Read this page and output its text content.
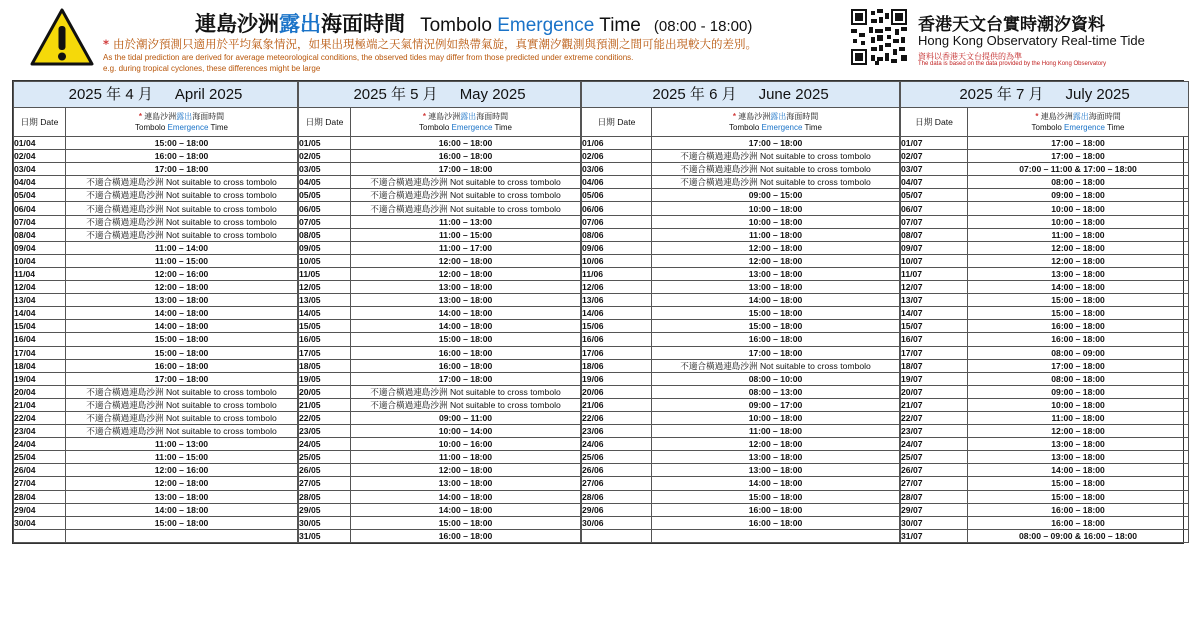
連島沙洲露出海面時間 Tombolo Emergence Time (08:00 - 18:00)
* 由於潮汐預測只適用於平均氣象情況，如果出現極端之天氣情況例如熱帶氣旋，真實潮汐觀測與預測之間可能出現較大的差別。
As the tidal prediction are derived for average meteorological conditions, the observed tides may differ from those predicted under extreme conditions.
e.g. during tropical cyclones, these differences might be large
香港天文台實時潮汐資料
Hong Kong Observatory Real-time Tide
資料以香港天文台提供的為準
The data is based on the data provided by the Hong Kong Observatory
2025 年 4 月 April 2025	
日期 Date	* 連島沙洲露出海面時間
Tombolo Emergence Time

01/04	15:00 – 18:00
02/04	16:00 – 18:00
03/04	17:00 – 18:00
04/04	不適合橫過連島沙洲 Not suitable to cross tombolo
05/04	不適合橫過連島沙洲 Not suitable to cross tombolo
06/04	不適合橫過連島沙洲 Not suitable to cross tombolo
07/04	不適合橫過連島沙洲 Not suitable to cross tombolo
08/04	不適合橫過連島沙洲 Not suitable to cross tombolo
09/04	11:00 – 14:00
10/04	11:00 – 15:00
11/04	12:00 – 16:00
12/04	12:00 – 18:00
13/04	13:00 – 18:00
14/04	14:00 – 18:00
15/04	14:00 – 18:00
16/04	15:00 – 18:00
17/04	15:00 – 18:00
18/04	16:00 – 18:00
19/04	17:00 – 18:00
20/04	不適合橫過連島沙洲 Not suitable to cross tombolo
21/04	不適合橫過連島沙洲 Not suitable to cross tombolo
22/04	不適合橫過連島沙洲 Not suitable to cross tombolo
23/04	不適合橫過連島沙洲 Not suitable to cross tombolo
24/04	11:00 – 13:00
25/04	11:00 – 15:00
26/04	12:00 – 16:00
27/04	12:00 – 18:00
28/04	13:00 – 18:00
29/04	14:00 – 18:00
30/04	15:00 – 18:00

2025 年 5 月 May 2025	
日期 Date	* 連島沙洲露出海面時間
Tombolo Emergence Time

01/05	16:00 – 18:00
02/05	16:00 – 18:00
03/05	17:00 – 18:00
04/05	不適合橫過連島沙洲 Not suitable to cross tombolo
05/05	不適合橫過連島沙洲 Not suitable to cross tombolo
06/05	不適合橫過連島沙洲 Not suitable to cross tombolo
07/05	11:00 – 13:00
08/05	11:00 – 15:00
09/05	11:00 – 17:00
10/05	12:00 – 18:00
11/05	12:00 – 18:00
12/05	13:00 – 18:00
13/05	13:00 – 18:00
14/05	14:00 – 18:00
15/05	14:00 – 18:00
16/05	15:00 – 18:00
17/05	16:00 – 18:00
18/05	16:00 – 18:00
19/05	17:00 – 18:00
20/05	不適合橫過連島沙洲 Not suitable to cross tombolo
21/05	不適合橫過連島沙洲 Not suitable to cross tombolo
22/05	09:00 – 11:00
23/05	10:00 – 14:00
24/05	10:00 – 16:00
25/05	11:00 – 18:00
26/05	12:00 – 18:00
27/05	13:00 – 18:00
28/05	14:00 – 18:00
29/05	14:00 – 18:00
30/05	15:00 – 18:00
31/05	16:00 – 18:00
2025 年 6 月 June 2025	
日期 Date	* 連島沙洲露出海面時間
Tombolo Emergence Time

01/06	17:00 – 18:00
02/06	不適合橫過連島沙洲 Not suitable to cross tombolo
03/06	不適合橫過連島沙洲 Not suitable to cross tombolo
04/06	不適合橫過連島沙洲 Not suitable to cross tombolo
05/06	09:00 – 15:00
06/06	10:00 – 18:00
07/06	10:00 – 18:00
08/06	11:00 – 18:00
09/06	12:00 – 18:00
10/06	12:00 – 18:00
11/06	13:00 – 18:00
12/06	13:00 – 18:00
13/06	14:00 – 18:00
14/06	15:00 – 18:00
15/06	15:00 – 18:00
16/06	16:00 – 18:00
17/06	17:00 – 18:00
18/06	不適合橫過連島沙洲 Not suitable to cross tombolo
19/06	08:00 – 10:00
20/06	08:00 – 13:00
21/06	09:00 – 17:00
22/06	10:00 – 18:00
23/06	11:00 – 18:00
24/06	12:00 – 18:00
25/06	13:00 – 18:00
26/06	13:00 – 18:00
27/06	14:00 – 18:00
28/06	15:00 – 18:00
29/06	16:00 – 18:00
30/06	16:00 – 18:00

2025 年 7 月 July 2025	
日期 Date	* 連島沙洲露出海面時間
Tombolo Emergence Time

01/07	17:00 – 18:00
02/07	17:00 – 18:00
03/07	07:00 – 11:00 & 17:00 – 18:00
04/07	08:00 – 18:00
05/07	09:00 – 18:00
06/07	10:00 – 18:00
07/07	10:00 – 18:00
08/07	11:00 – 18:00
09/07	12:00 – 18:00
10/07	12:00 – 18:00
11/07	13:00 – 18:00
12/07	14:00 – 18:00
13/07	15:00 – 18:00
14/07	15:00 – 18:00
15/07	16:00 – 18:00
16/07	16:00 – 18:00
17/07	08:00 – 09:00
18/07	17:00 – 18:00
19/07	08:00 – 18:00
20/07	09:00 – 18:00
21/07	10:00 – 18:00
22/07	11:00 – 18:00
23/07	12:00 – 18:00
24/07	13:00 – 18:00
25/07	13:00 – 18:00
26/07	14:00 – 18:00
27/07	15:00 – 18:00
28/07	15:00 – 18:00
29/07	16:00 – 18:00
30/07	16:00 – 18:00
31/07	08:00 – 09:00 & 16:00 – 18:00
